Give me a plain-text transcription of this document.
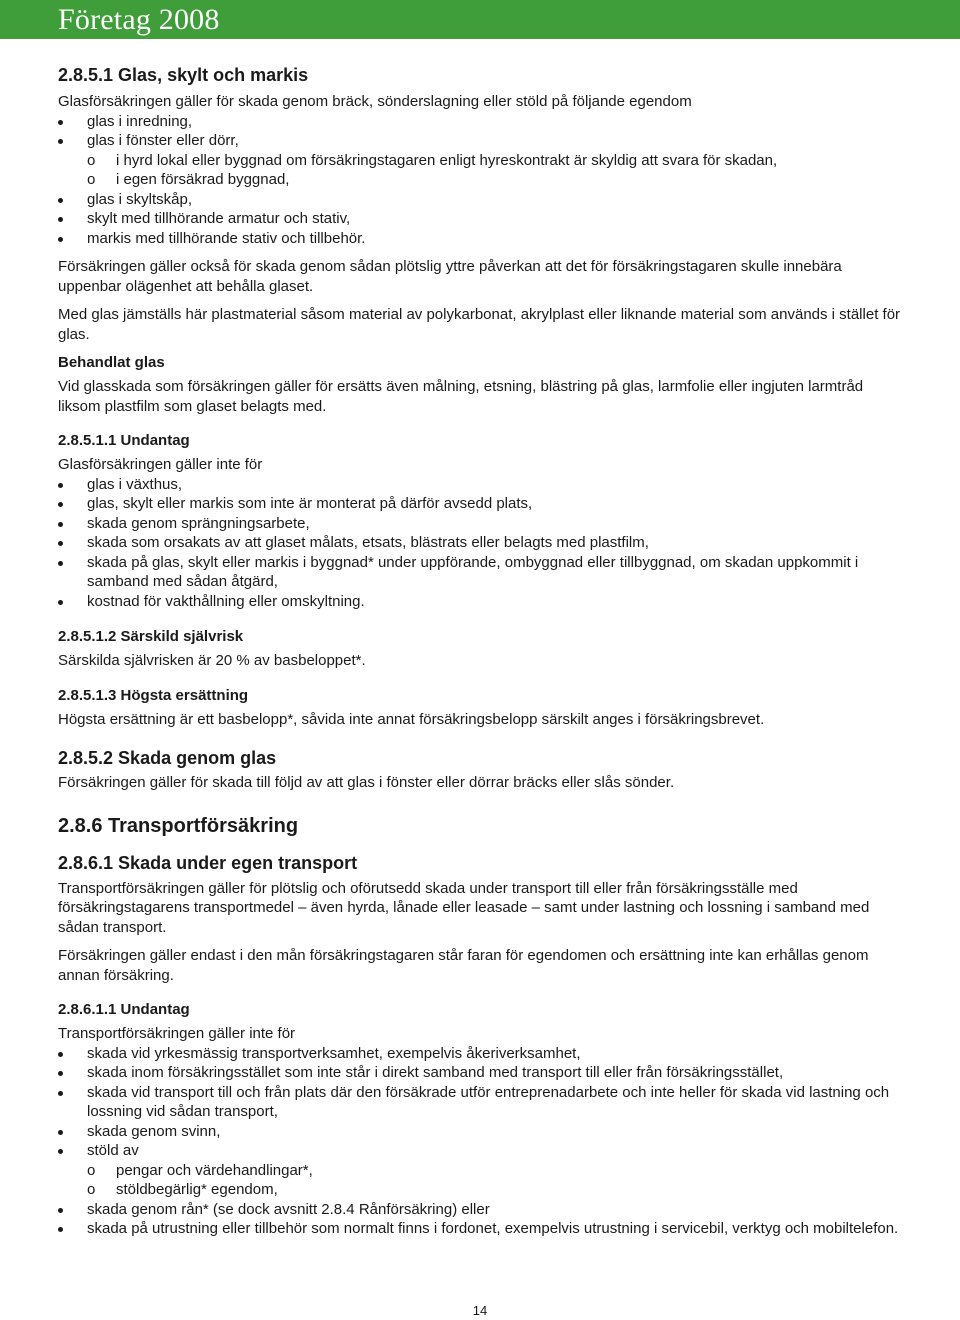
Företag 2008
2.8.5.1 Glas, skylt och markis
Glasförsäkringen gäller för skada genom bräck, sönderslagning eller stöld på följande egendom
glas i inredning,
glas i fönster eller dörr,
o i hyrd lokal eller byggnad om försäkringstagaren enligt hyreskontrakt är skyldig att svara för skadan,
o i egen försäkrad byggnad,
glas i skyltskåp,
skylt med tillhörande armatur och stativ,
markis med tillhörande stativ och tillbehör.
Försäkringen gäller också för skada genom sådan plötslig yttre påverkan att det för försäkringstagaren skulle innebära uppenbar olägenhet att behålla glaset.
Med glas jämställs här plastmaterial såsom material av polykarbonat, akrylplast eller liknande material som används i stället för glas.
Behandlat glas
Vid glasskada som försäkringen gäller för ersätts även målning, etsning, blästring på glas, larmfolie eller ingjuten larmtråd liksom plastfilm som glaset belagts med.
2.8.5.1.1 Undantag
Glasförsäkringen gäller inte för
glas i växthus,
glas, skylt eller markis som inte är monterat på därför avsedd plats,
skada genom sprängningsarbete,
skada som orsakats av att glaset målats, etsats, blästrats eller belagts med plastfilm,
skada på glas, skylt eller markis i byggnad* under uppförande, ombyggnad eller tillbyggnad, om skadan uppkommit i samband med sådan åtgärd,
kostnad för vakthållning eller omskyltning.
2.8.5.1.2 Särskild självrisk
Särskilda självrisken är 20 % av basbeloppet*.
2.8.5.1.3 Högsta ersättning
Högsta ersättning är ett basbelopp*, såvida inte annat försäkringsbelopp särskilt anges i försäkringsbrevet.
2.8.5.2 Skada genom glas
Försäkringen gäller för skada till följd av att glas i fönster eller dörrar bräcks eller slås sönder.
2.8.6 Transportförsäkring
2.8.6.1 Skada under egen transport
Transportförsäkringen gäller för plötslig och oförutsedd skada under transport till eller från försäkringsställe med försäkringstagarens transportmedel – även hyrda, lånade eller leasade – samt under lastning och lossning i samband med sådan transport.
Försäkringen gäller endast i den mån försäkringstagaren står faran för egendomen och ersättning inte kan erhållas genom annan försäkring.
2.8.6.1.1 Undantag
Transportförsäkringen gäller inte för
skada vid yrkesmässig transportverksamhet, exempelvis åkeriverksamhet,
skada inom försäkringsstället som inte står i direkt samband med transport till eller från försäkringsstället,
skada vid transport till och från plats där den försäkrade utför entreprenadarbete och inte heller för skada vid lastning och lossning vid sådan transport,
skada genom svinn,
stöld av
o pengar och värdehandlingar*,
o stöldbegärlig* egendom,
skada genom rån* (se dock avsnitt 2.8.4 Rånförsäkring) eller
skada på utrustning eller tillbehör som normalt finns i fordonet, exempelvis utrustning i servicebil, verktyg och mobiltelefon.
14
